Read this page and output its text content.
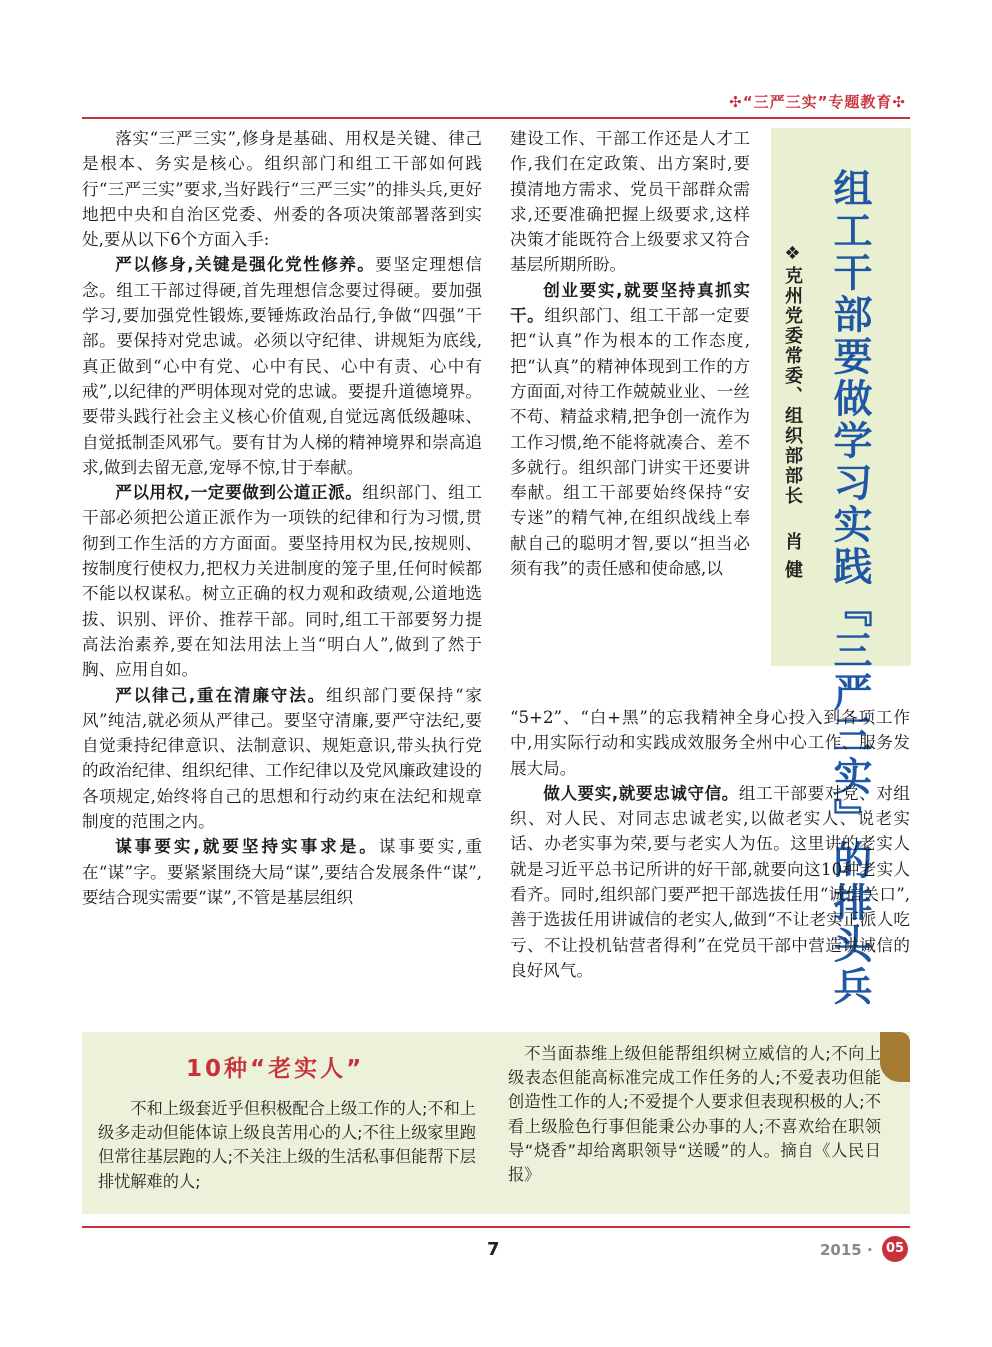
✣“三严三实”专题教育✣

落实“三严三实”,修身是基础、用权是关键、律己是根本、务实是核心。组织部门和组工干部如何践行“三严三实”要求,当好践行“三严三实”的排头兵,更好地把中央和自治区党委、州委的各项决策部署落到实处,要从以下6个方面入手:

严以修身,关键是强化党性修养。要坚定理想信念。组工干部过得硬,首先理想信念要过得硬。要加强学习,要加强党性锻炼,要锤炼政治品行,争做“四强”干部。要保持对党忠诚。必须以守纪律、讲规矩为底线,真正做到“心中有党、心中有民、心中有责、心中有戒”,以纪律的严明体现对党的忠诚。要提升道德境界。要带头践行社会主义核心价值观,自觉远离低级趣味、自觉抵制歪风邪气。要有甘为人梯的精神境界和崇高追求,做到去留无意,宠辱不惊,甘于奉献。

严以用权,一定要做到公道正派。组织部门、组工干部必须把公道正派作为一项铁的纪律和行为习惯,贯彻到工作生活的方方面面。要坚持用权为民,按规则、按制度行使权力,把权力关进制度的笼子里,任何时候都不能以权谋私。树立正确的权力观和政绩观,公道地选拔、识别、评价、推荐干部。同时,组工干部要努力提高法治素养,要在知法用法上当“明白人”,做到了然于胸、应用自如。

严以律己,重在清廉守法。组织部门要保持“家风”纯洁,就必须从严律己。要坚守清廉,要严守法纪,要自觉秉持纪律意识、法制意识、规矩意识,带头执行党的政治纪律、组织纪律、工作纪律以及党风廉政建设的各项规定,始终将自己的思想和行动约束在法纪和规章制度的范围之内。

谋事要实,就要坚持实事求是。谋事要实,重在“谋”字。要紧紧围绕大局“谋”,要结合发展条件“谋”,要结合现实需要“谋”,不管是基层组织

建设工作、干部工作还是人才工作,我们在定政策、出方案时,要摸清地方需求、党员干部群众需求,还要准确把握上级要求,这样决策才能既符合上级要求又符合基层所期所盼。

创业要实,就要坚持真抓实干。组织部门、组工干部一定要把“认真”作为根本的工作态度,把“认真”的精神体现到工作的方方面面,对待工作兢兢业业、一丝不苟、精益求精,把争创一流作为工作习惯,绝不能将就凑合、差不多就行。组织部门讲实干还要讲奉献。组工干部要始终保持“安专迷”的精气神,在组织战线上奉献自己的聪明才智,要以“担当必须有我”的责任感和使命感,以	组工干部要做学习实践『三严三实』的排头兵
❖克州党委常委、组织部部长肖 健

“5+2”、“白+黑”的忘我精神全身心投入到各项工作中,用实际行动和实践成效服务全州中心工作、服务发展大局。

做人要实,就要忠诚守信。组工干部要对党、对组织、对人民、对同志忠诚老实,以做老实人、说老实话、办老实事为荣,要与老实人为伍。这里讲的老实人就是习近平总书记所讲的好干部,就要向这10种老实人看齐。同时,组织部门要严把干部选拔任用“诚信关口”,善于选拔任用讲诚信的老实人,做到“不让老实正派人吃亏、不让投机钻营者得利”在党员干部中营造讲诚信的良好风气。

10种“老实人”
不和上级套近乎但积极配合上级工作的人;不和上级多走动但能体谅上级良苦用心的人;不往上级家里跑但常往基层跑的人;不关注上级的生活私事但能帮下层排忧解难的人;
不当面恭维上级但能帮组织树立威信的人;不向上级表态但能高标准完成工作任务的人;不爱表功但能创造性工作的人;不爱提个人要求但表现积极的人;不看上级脸色行事但能秉公办事的人;不喜欢给在职领导“烧香”却给离职领导“送暖”的人。摘自《人民日报》
7	2015 ·	05
